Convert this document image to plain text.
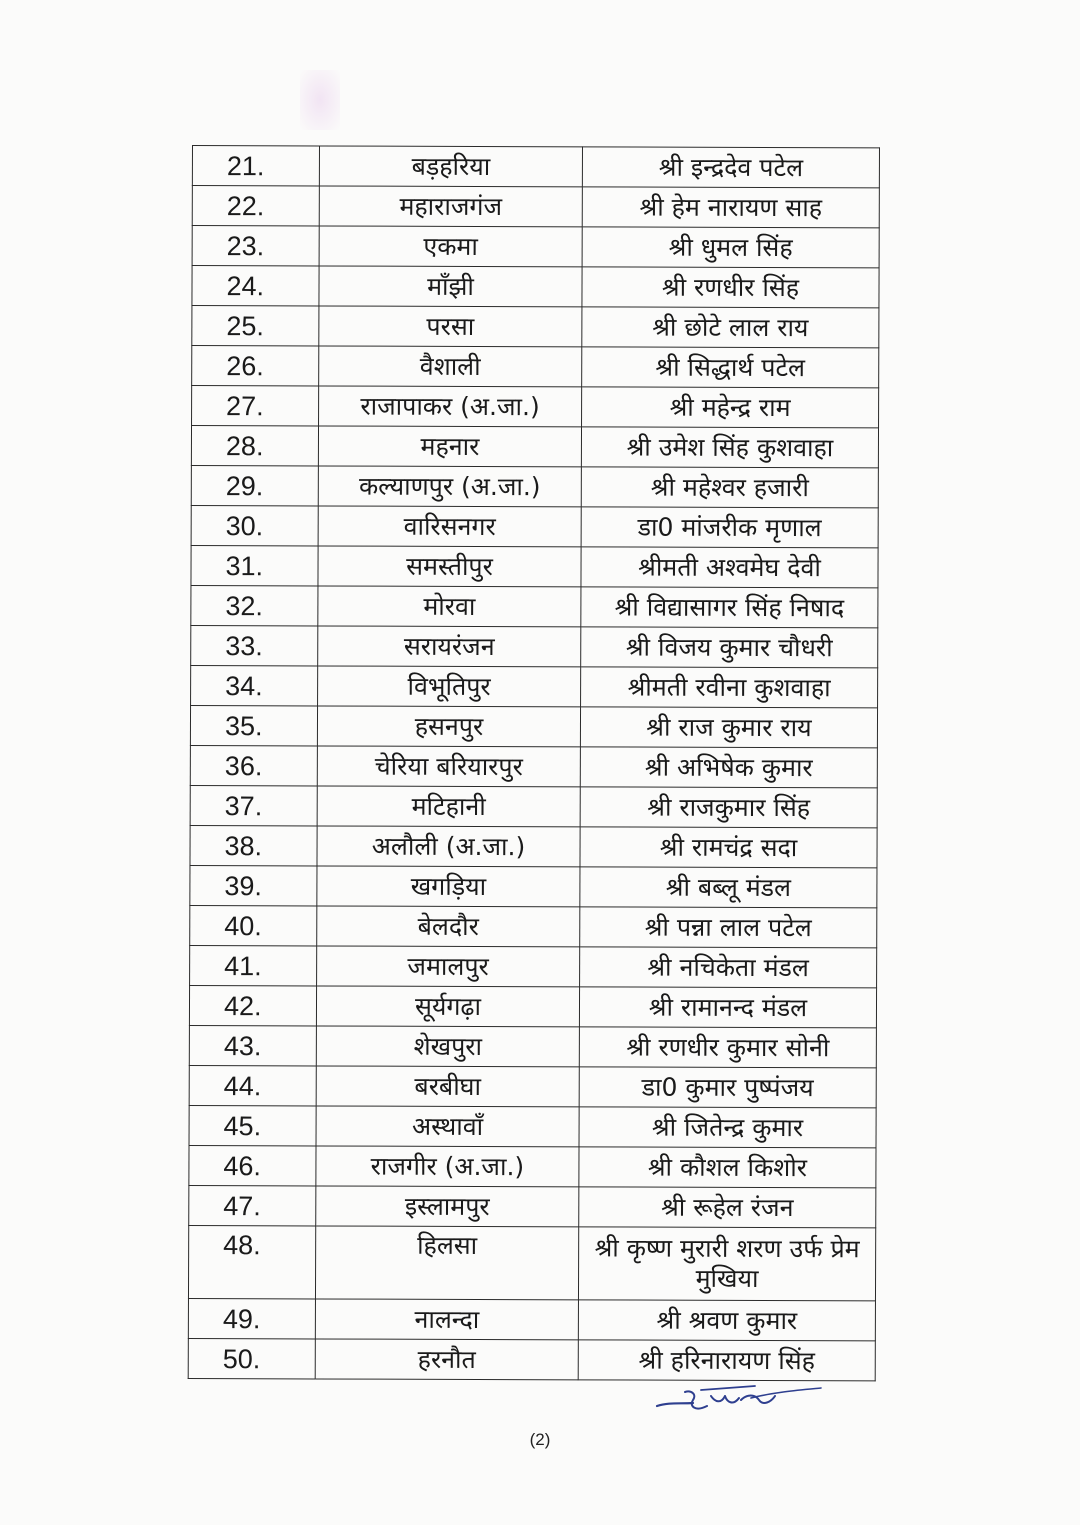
21.	बड़हरिया	श्री इन्द्रदेव पटेल
22.	महाराजगंज	श्री हेम नारायण साह
23.	एकमा	श्री धुमल सिंह
24.	माँझी	श्री रणधीर सिंह
25.	परसा	श्री छोटे लाल राय
26.	वैशाली	श्री सिद्धार्थ पटेल
27.	राजापाकर (अ.जा.)	श्री महेन्द्र राम
28.	महनार	श्री उमेश सिंह कुशवाहा
29.	कल्याणपुर (अ.जा.)	श्री महेश्वर हजारी
30.	वारिसनगर	डा0 मांजरीक मृणाल
31.	समस्तीपुर	श्रीमती अश्वमेघ देवी
32.	मोरवा	श्री विद्यासागर सिंह निषाद
33.	सरायरंजन	श्री विजय कुमार चौधरी
34.	विभूतिपुर	श्रीमती रवीना कुशवाहा
35.	हसनपुर	श्री राज कुमार राय
36.	चेरिया बरियारपुर	श्री अभिषेक कुमार
37.	मटिहानी	श्री राजकुमार सिंह
38.	अलौली (अ.जा.)	श्री रामचंद्र सदा
39.	खगड़िया	श्री बब्लू मंडल
40.	बेलदौर	श्री पन्ना लाल पटेल
41.	जमालपुर	श्री नचिकेता मंडल
42.	सूर्यगढ़ा	श्री रामानन्द मंडल
43.	शेखपुरा	श्री रणधीर कुमार सोनी
44.	बरबीघा	डा0 कुमार पुष्पंजय
45.	अस्थावाँ	श्री जितेन्द्र कुमार
46.	राजगीर (अ.जा.)	श्री कौशल किशोर
47.	इस्लामपुर	श्री रूहेल रंजन
48.	हिलसा	श्री कृष्ण मुरारी शरण उर्फ प्रेम मुखिया
49.	नालन्दा	श्री श्रवण कुमार
50.	हरनौत	श्री हरिनारायण सिंह
(2)
